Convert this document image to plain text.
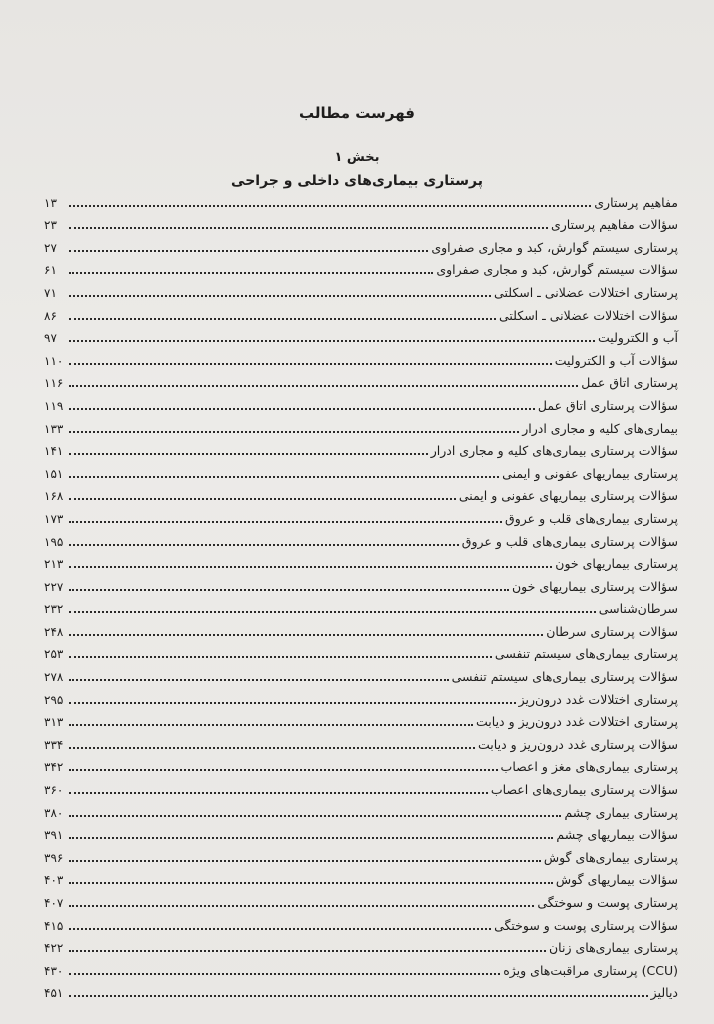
فهرست مطالب
بخش ۱
پرستاری بیماری‌های داخلی و جراحی
۱۳	مفاهیم پرستاری
۲۳	سؤالات مفاهیم پرستاری
۲۷	پرستاری سیستم گوارش، کبد و مجاری صفراوی
۶۱	سؤالات سیستم گوارش، کبد و مجاری صفراوی
۷۱	پرستاری اختلالات عضلانی ـ اسکلتی
۸۶	سؤالات اختلالات عضلانی ـ اسکلتی
۹۷	آب و الکترولیت
۱۱۰	سؤالات آب و الکترولیت
۱۱۶	پرستاری اتاق عمل
۱۱۹	سؤالات پرستاری اتاق عمل
۱۳۳	بیماری‌های کلیه و مجاری ادرار
۱۴۱	سؤالات پرستاری بیماری‌های کلیه و مجاری ادرار
۱۵۱	پرستاری بیماریهای عفونی و ایمنی
۱۶۸	سؤالات پرستاری بیماریهای عفونی و ایمنی
۱۷۳	پرستاری بیماری‌های قلب و عروق
۱۹۵	سؤالات پرستاری بیماری‌های قلب و عروق
۲۱۳	پرستاری بیماریهای خون
۲۲۷	سؤالات پرستاری بیماریهای خون
۲۳۲	سرطان‌شناسی
۲۴۸	سؤالات پرستاری سرطان
۲۵۳	پرستاری بیماری‌های سیستم تنفسی
۲۷۸	سؤالات پرستاری بیماری‌های سیستم تنفسی
۲۹۵	پرستاری اختلالات غدد درون‌ریز
۳۱۳	پرستاری اختلالات غدد درون‌ریز و دیابت
۳۳۴	سؤالات پرستاری غدد درون‌ریز و دیابت
۳۴۲	پرستاری بیماری‌های مغز و اعصاب
۳۶۰	سؤالات پرستاری بیماری‌های اعصاب
۳۸۰	پرستاری بیماری چشم
۳۹۱	سؤالات بیماریهای چشم
۳۹۶	پرستاری بیماری‌های گوش
۴۰۳	سؤالات بیماریهای گوش
۴۰۷	پرستاری پوست و سوختگی
۴۱۵	سؤالات پرستاری پوست و سوختگی
۴۲۲	پرستاری بیماری‌های زنان
۴۳۰	(CCU) پرستاری مراقبت‌های ویژه
۴۵۱	دیالیز
